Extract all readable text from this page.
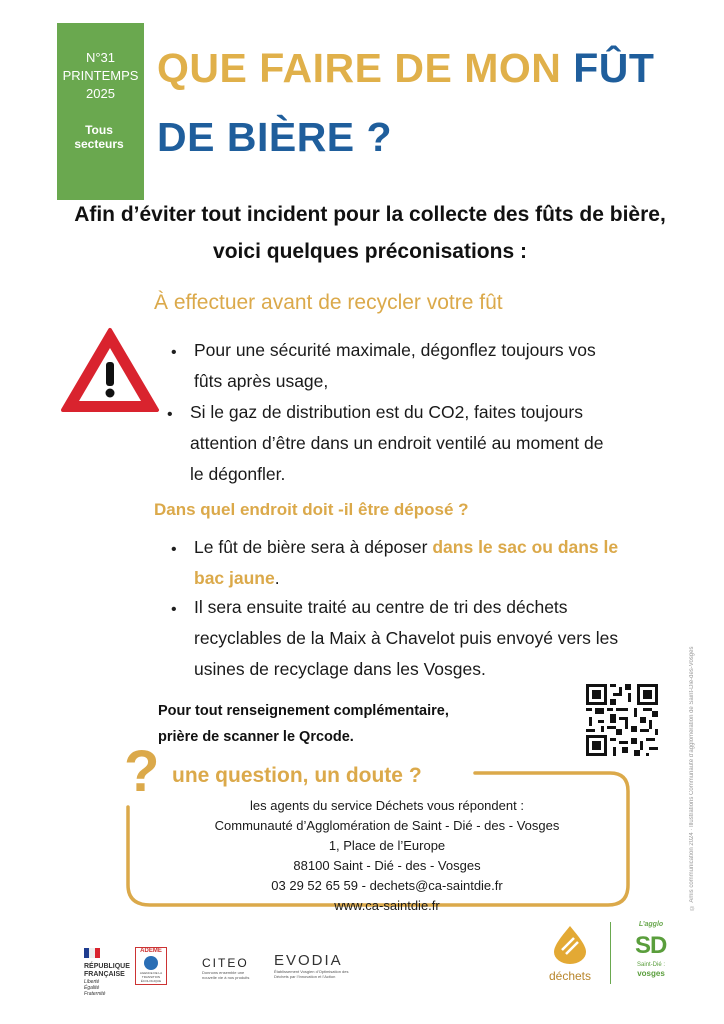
N°31
PRINTEMPS
2025
Tous secteurs
QUE FAIRE DE MON FÛT
DE BIÈRE ?
Afin d’éviter tout incident pour la collecte des fûts de bière,
voici quelques préconisations :
À effectuer avant de recycler votre fût
• Pour une sécurité maximale, dégonflez toujours vos
fûts après usage,
• Si le gaz de distribution est du CO2, faites toujours
attention d’être dans un endroit ventilé au moment de
le dégonfler.
Dans quel endroit doit -il être déposé ?
• Le fût de bière sera à déposer dans le sac ou dans le
bac jaune.
• Il sera ensuite traité au centre de tri des déchets
recyclables de la Maix à Chavelot puis envoyé vers les
usines de recyclage dans les Vosges.
Pour tout renseignement complémentaire,
prière de scanner le Qrcode.
? une question, un doute ?
les agents du service Déchets vous répondent :
Communauté d’Agglomération de Saint - Dié - des - Vosges
1, Place de l’Europe
88100 Saint - Dié - des - Vosges
03 29 52 65 59 - dechets@ca-saintdie.fr
www.ca-saintdie.fr	© Amis communication 2024 · Illustrations Communauté d’agglomération de Saint-Dié-des-Vosges
RÉPUBLIQUE
FRANÇAISE
Liberté Égalité Fraternité
ADEME
AGENCE DE LA TRANSITION ÉCOLOGIQUE
CITEO
Donnons ensemble une nouvelle vie à nos produits
EVODIA
Établissement Vosgien d’Optimisation des Déchets par l’Innovation et l’Action	déchets
L’agglo
S
D
Saint-Dié :
vosges
